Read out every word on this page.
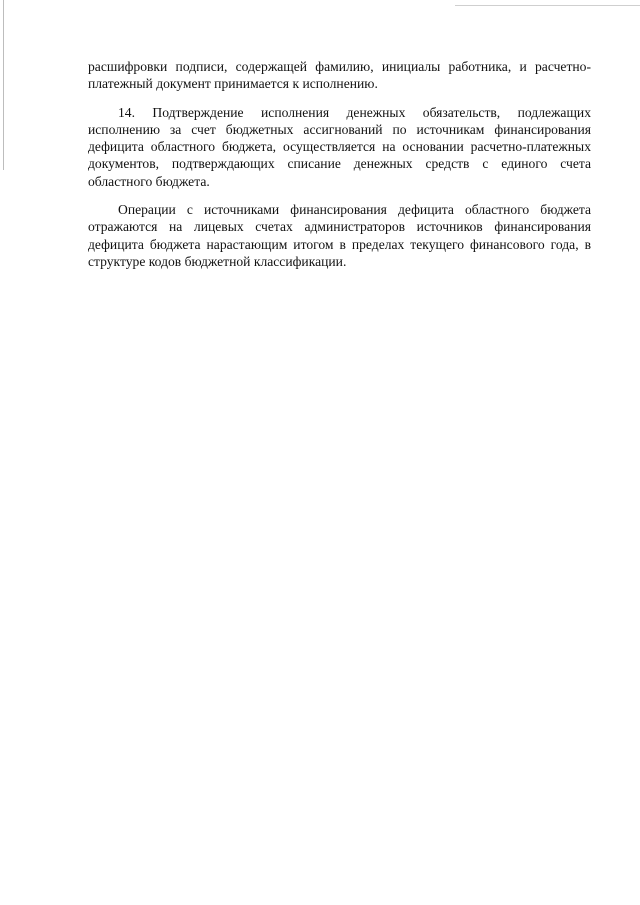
расшифровки подписи, содержащей фамилию, инициалы работника, и расчетно-платежный документ принимается к исполнению.

14. Подтверждение исполнения денежных обязательств, подлежащих исполнению за счет бюджетных ассигнований по источникам финансирования дефицита областного бюджета, осуществляется на основании расчетно-платежных документов, подтверждающих списание денежных средств с единого счета областного бюджета.

Операции с источниками финансирования дефицита областного бюджета отражаются на лицевых счетах администраторов источников финансирования дефицита бюджета нарастающим итогом в пределах текущего финансового года, в структуре кодов бюджетной классификации.
